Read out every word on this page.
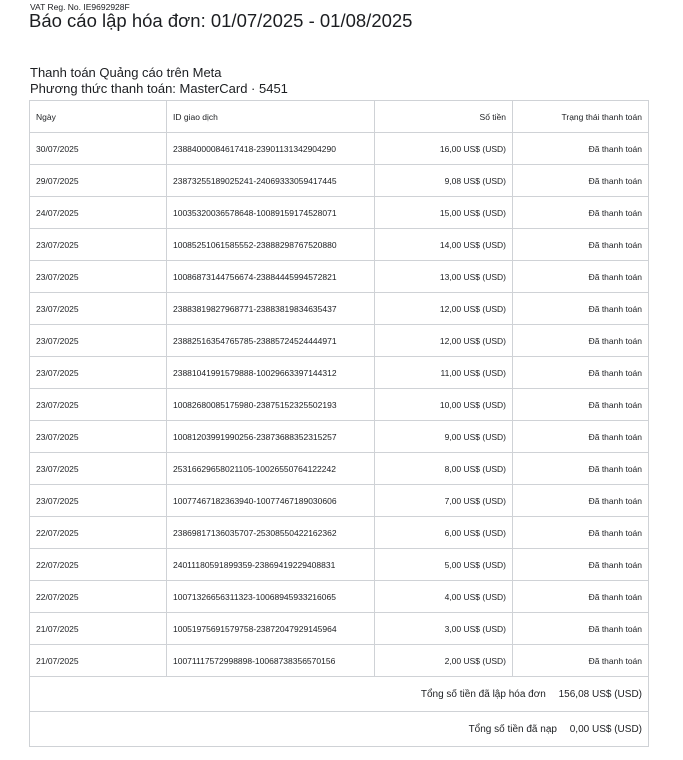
VAT Reg. No. IE9692928F
Báo cáo lập hóa đơn: 01/07/2025 - 01/08/2025
Thanh toán Quảng cáo trên Meta
Phương thức thanh toán: MasterCard · 5451
Ngày	ID giao dịch	Số tiền	Trạng thái thanh toán
30/07/2025	23884000084617418-23901131342904290	16,00 US$ (USD)	Đã thanh toán
29/07/2025	23873255189025241-24069333059417445	9,08 US$ (USD)	Đã thanh toán
24/07/2025	10035320036578648-10089159174528071	15,00 US$ (USD)	Đã thanh toán
23/07/2025	10085251061585552-23888298767520880	14,00 US$ (USD)	Đã thanh toán
23/07/2025	10086873144756674-23884445994572821	13,00 US$ (USD)	Đã thanh toán
23/07/2025	23883819827968771-23883819834635437	12,00 US$ (USD)	Đã thanh toán
23/07/2025	23882516354765785-23885724524444971	12,00 US$ (USD)	Đã thanh toán
23/07/2025	23881041991579888-10029663397144312	11,00 US$ (USD)	Đã thanh toán
23/07/2025	10082680085175980-23875152325502193	10,00 US$ (USD)	Đã thanh toán
23/07/2025	10081203991990256-23873688352315257	9,00 US$ (USD)	Đã thanh toán
23/07/2025	25316629658021105-10026550764122242	8,00 US$ (USD)	Đã thanh toán
23/07/2025	10077467182363940-10077467189030606	7,00 US$ (USD)	Đã thanh toán
22/07/2025	23869817136035707-25308550422162362	6,00 US$ (USD)	Đã thanh toán
22/07/2025	24011180591899359-23869419229408831	5,00 US$ (USD)	Đã thanh toán
22/07/2025	10071326656311323-10068945933216065	4,00 US$ (USD)	Đã thanh toán
21/07/2025	10051975691579758-23872047929145964	3,00 US$ (USD)	Đã thanh toán
21/07/2025	10071117572998898-10068738356570156	2,00 US$ (USD)	Đã thanh toán
Tổng số tiền đã lập hóa đơn 156,08 US$ (USD)			
Tổng số tiền đã nạp 0,00 US$ (USD)			
